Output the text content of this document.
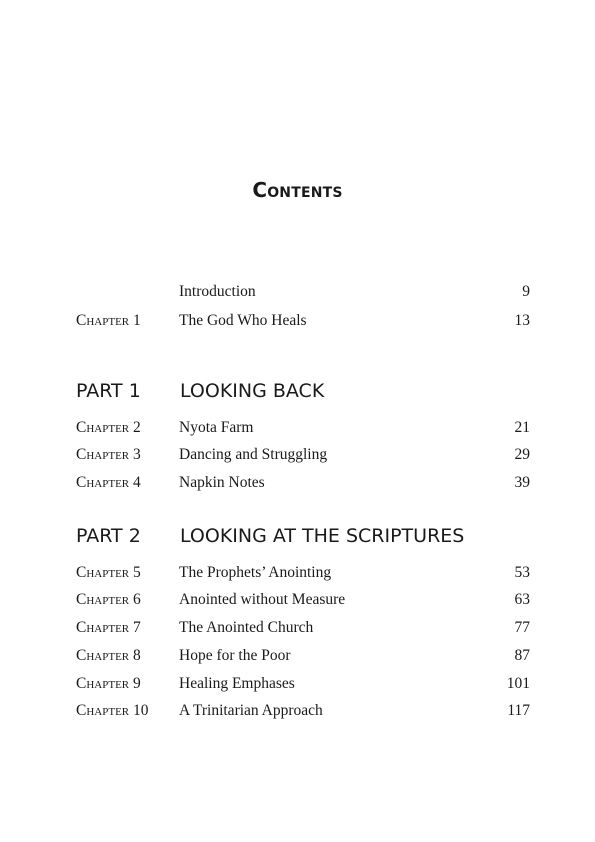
Contents
Introduction	9
Chapter 1 The God Who Heals	13
PART 1 LOOKING BACK
Chapter 2 Nyota Farm	21
Chapter 3 Dancing and Struggling	29
Chapter 4 Napkin Notes	39
PART 2 LOOKING AT THE SCRIPTURES
Chapter 5 The Prophets’ Anointing	53
Chapter 6 Anointed without Measure	63
Chapter 7 The Anointed Church	77
Chapter 8 Hope for the Poor	87
Chapter 9 Healing Emphases	101
Chapter 10 A Trinitarian Approach	117
